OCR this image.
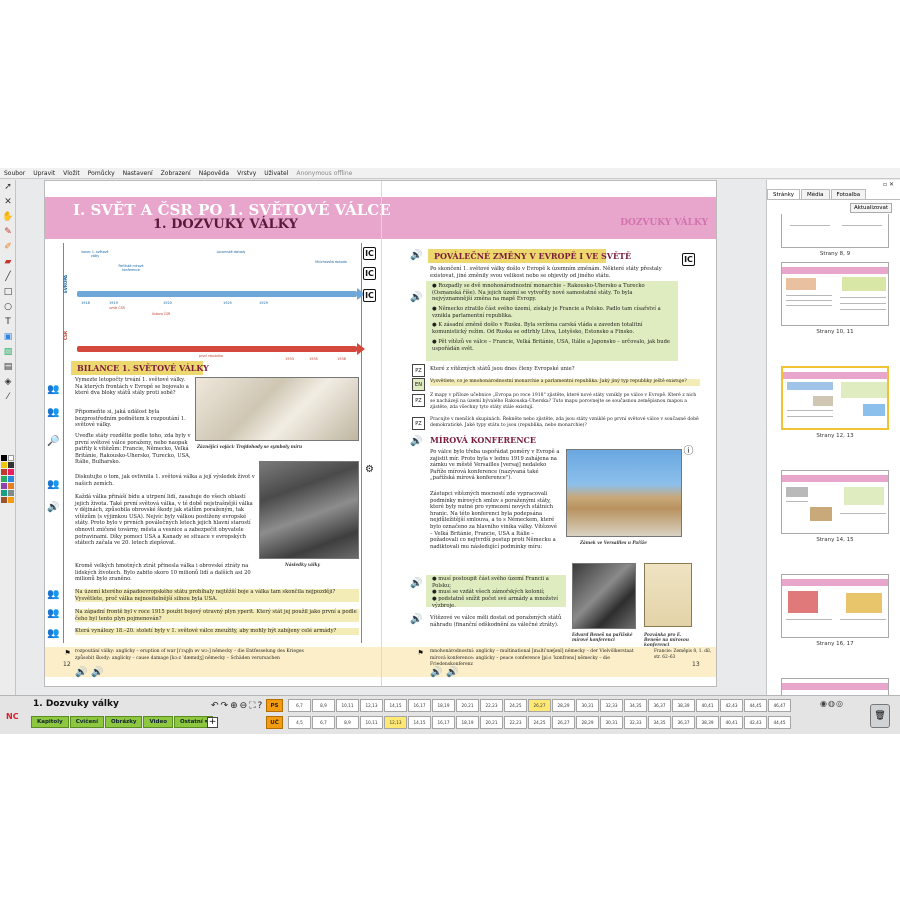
Soubor	Upravit	Vložit	Pomůcky	Nastavení	Zobrazení	Nápověda	Vrstvy	Uživatel	Anonymous offline
➚
✕
✋
✎
✐
▰
╱
□
○
T
▣
▧
▤
◈
⁄
I. SVĚT A ČSR PO 1. SVĚTOVÉ VÁLCE
1. DOZVUKY VÁLKY	DOZVUKY VÁLKY
EVROPA
ČSR
konec 1. světové války
Pařížská mírová konference
Locarnské dohody
Mnichovská dohoda
vznik ČSR
Ústava ČSR
první republika
1918	1919	1920	1925	1929
1933	1935	1938
IC
IC
IC
BILANCE 1. SVĚTOVÉ VÁLKY
Vymezte letopočty trvání 1. světové války. Na kterých frontách v Evropě se bojovalo a které dva bloky států stály proti sobě?
Připomeňte si, jaká událost byla bezprostředním podnětem k rozpoutání 1. světové války.
Uveďte státy rozdělte podle toho, zda byly v první světové válce poraženy, nebo naopak patřily k vítězům: Francie, Německo, Velká Británie, Rakousko-Uhersko, Turecko, USA, Itálie, Bulharsko.
Diskutujte o tom, jak ovlivnila 1. světová válka a její výsledek život v našich zemích.
Každá válka přináší bídu a utrpení lidí, zasahuje do všech oblastí jejich života. Také první světová válka, v té době nejstrašnější válka v dějinách, způsobila obrovské škody jak státům poraženým, tak vítězům (s výjimkou USA). Nejvíc byly válkou postiženy evropské státy. Proto bylo v prvních poválečných letech jejich hlavní starostí obnovit zničené továrny, města a vesnice a zabezpečit obyvatele potravinami. Díky pomoci USA a Kanady se situace v evropských státech začala ve 20. letech zlepšovat.
Kromě velkých hmotných ztrát přinesla válka i obrovské ztráty na lidských životech. Bylo zabito skoro 10 milionů lidí a dalších asi 20 milionů bylo zraněno.
Na území kterého západoevropského státu probíhaly nejtěžší boje a válka tam skončila nejpozději? Vysvětlete, proč válka nejnositelnější silnou byla USA.
Na západní frontě byl v roce 1915 použit bojový otravný plyn yperit. Který stát jej použil jako první a podle čeho byl tento plyn pojmenován?
Která vynálezy 18.–20. století byly v 1. světové válce zneužity, aby mohly být zabíjeny celé armády?
Záznějící vojáci: Trojdohody se symboly míru
Následky války
👥
👥
🔎
👥
🔊
👥
👥
👥
⚙
rozpoutání války: anglicky – eruption of war [ɪˈrʌpʃn əv wɔː] německy – die Entfesselung des Krieges
způsobit škody: anglicky – cause damage [kɔːz ˈdæmɪdʒ] německy – Schäden verursachen
⚑
12
🔊 🔊
POVÁLEČNÉ ZMĚNY V EVROPĚ I VE SVĚTĚ
🔊	IC
Po skončení 1. světové války došlo v Evropě k územním změnám. Některé státy přestaly existovat, jiné změnily svou velikost nebo se objevily od jiného státu.
● Rozpadly se dvě mnohonárodnostní monarchie – Rakousko-Uhersko a Turecko (Osmanská říše). Na jejich území se vytvořily nové samostatné státy. To byla nejvýznamnější změna na mapě Evropy.
● Německo ztratilo část svého území, získaly je Francie a Polsko. Padlo tam císařství a vznikla parlamentní republika.
● K zásadní změně došlo v Rusku. Byla svržena carská vláda a zaveden totalitní komunistický režim. Od Ruska se odtrhly Litva, Lotyšsko, Estonsko a Finsko.
● Pět vítězů ve válce – Francie, Velká Británie, USA, Itálie a Japonsko – určovalo, jak bude uspořádán svět.
🔊
PZ	Které z vítězných států jsou dnes členy Evropské unie?
Vysvětlete, co je mnohonárodnostní monarchie a parlamentní republika. Jaký jiný typ republiky ještě existuje?
EN
Z mapy v příloze učebnice „Evropa po roce 1918" zjistěte, které nové státy vznikly po válce v Evropě. Které z nich se nacházejí na území bývalého Rakouska-Uherska? Tuto mapu porovnejte se současnou zeměpisnou mapou a zjistěte, zda všechny tyto státy stále existují.
PZ
Pracujte v menších skupinách. Řekněte nebo zjistěte, zda jsou státy vzniklé po první světové válce v současné době demokratické. Jaké typy státu to jsou (republika, nebo monarchie)?
PZ
MÍROVÁ KONFERENCE
🔊
ⓘ
Po válce bylo třeba uspořádat poměry v Evropě a zajistit mír. Proto byla v lednu 1919 zahájena na zámku ve městě Versailles [versaj] nedaleko Paříže mírová konference (nazývaná také „pařížská mírová konference").
Zástupci vítězných mocností zde vypracovali podmínky mírových smluv s poraženými státy, které byly nutné pro vymezení nových státních hranic. Na této konferenci byla podepsána nejdůležitější smlouva, a to s Německem, které bylo označeno za hlavního viníka války. Vítězové – Velká Británie, Francie, USA a Itálie – požadovali co nejtvrdší postup proti Německu a nadiktovali mu následující podmínky míru:
Zámek ve Versailles u Paříže
● musí postoupit část svého území Francii a Polsku;
● musí se vzdát všech zámořských kolonií;
● podstatně snížit počet své armády a množství výzbroje.
🔊
Vítězové ve válce měli dostat od poražených států náhradu (finanční odškodnění za válečné ztráty).
🔊
Edvard Beneš na pařížské mírové konferenci
Pozvánka pro E. Beneše na mírovou konferenci
mnohonárodnostní: anglicky – multinational [mʌltiˈnæʃənl] německy – der Vielvölkerstaat
mírová konference: anglicky – peace conference [piːs ˈkɒnfrəns] německy – die Friedenskonferenz
Francie: Zeměpis 8, 1. díl, str. 62–63
⚑
13
🔊 🔊
▫ ✕
Stránky	Média	Fotoalba
Aktualizovat
Strany 8, 9
Strany 10, 11
Strany 12, 13
Strany 14, 15
Strany 16, 17
NC
1. Dozvuky války
Kapitoly	Cvičení	Obrázky	Video	Ostatní ▾ +
↶↷⊕⊖⛶?	PS
UČ
6,7	8,9	10,11	12,13	14,15	16,17	18,19	20,21	22,23	24,25	26,27	28,29	30,31	32,33	34,35	36,37	38,39	40,41	42,43	44,45	46,47
4,5	6,7	8,9	10,11	12,13	14,15	16,17	18,19	20,21	22,23	24,25	26,27	28,29	30,31	32,33	34,35	36,37	38,39	40,41	42,43	44,45
◉◍◎
🗑
